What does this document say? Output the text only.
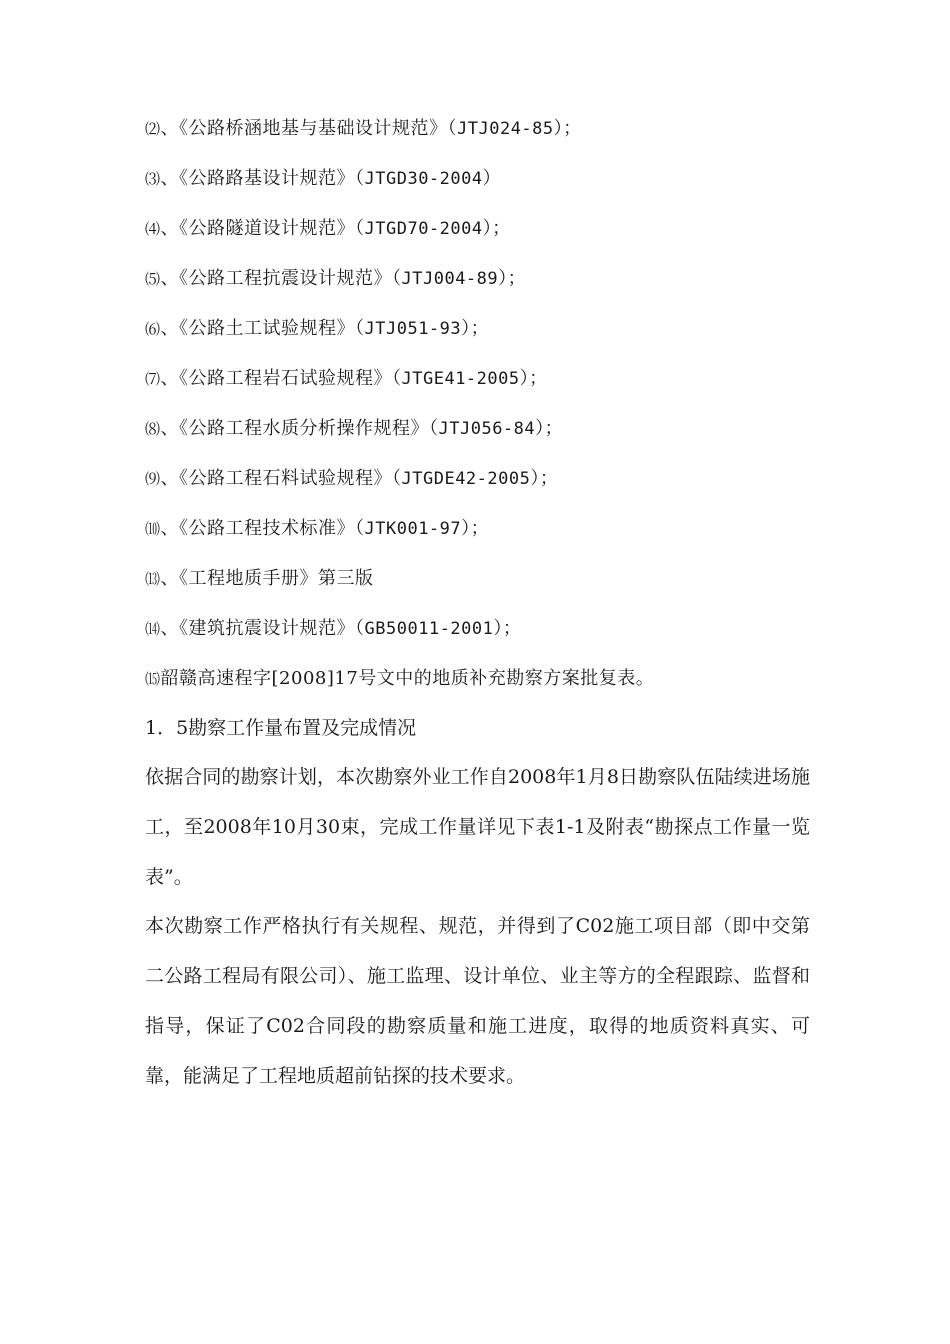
⑵、《公路桥涵地基与基础设计规范》（JTJ024-85）；
⑶、《公路路基设计规范》（JTGD30-2004）
⑷、《公路隧道设计规范》（JTGD70-2004）；
⑸、《公路工程抗震设计规范》（JTJ004-89）；
⑹、《公路土工试验规程》（JTJ051-93）；
⑺、《公路工程岩石试验规程》（JTGE41-2005）；
⑻、《公路工程水质分析操作规程》（JTJ056-84）；
⑼、《公路工程石料试验规程》（JTGDE42-2005）；
⑽、《公路工程技术标准》（JTK001-97）；
⒀、《工程地质手册》第三版
⒁、《建筑抗震设计规范》（GB50011-2001）；
⒂韶赣高速程字[2008]17号文中的地质补充勘察方案批复表。
1．5勘察工作量布置及完成情况

依据合同的勘察计划，本次勘察外业工作自2008年1月8日勘察队伍陆续进场施工，至2008年10月30束，完成工作量详见下表1-1及附表“勘探点工作量一览表”。

本次勘察工作严格执行有关规程、规范，并得到了C02施工项目部（即中交第二公路工程局有限公司）、施工监理、设计单位、业主等方的全程跟踪、监督和指导，保证了C02合同段的勘察质量和施工进度，取得的地质资料真实、可靠，能满足了工程地质超前钻探的技术要求。
